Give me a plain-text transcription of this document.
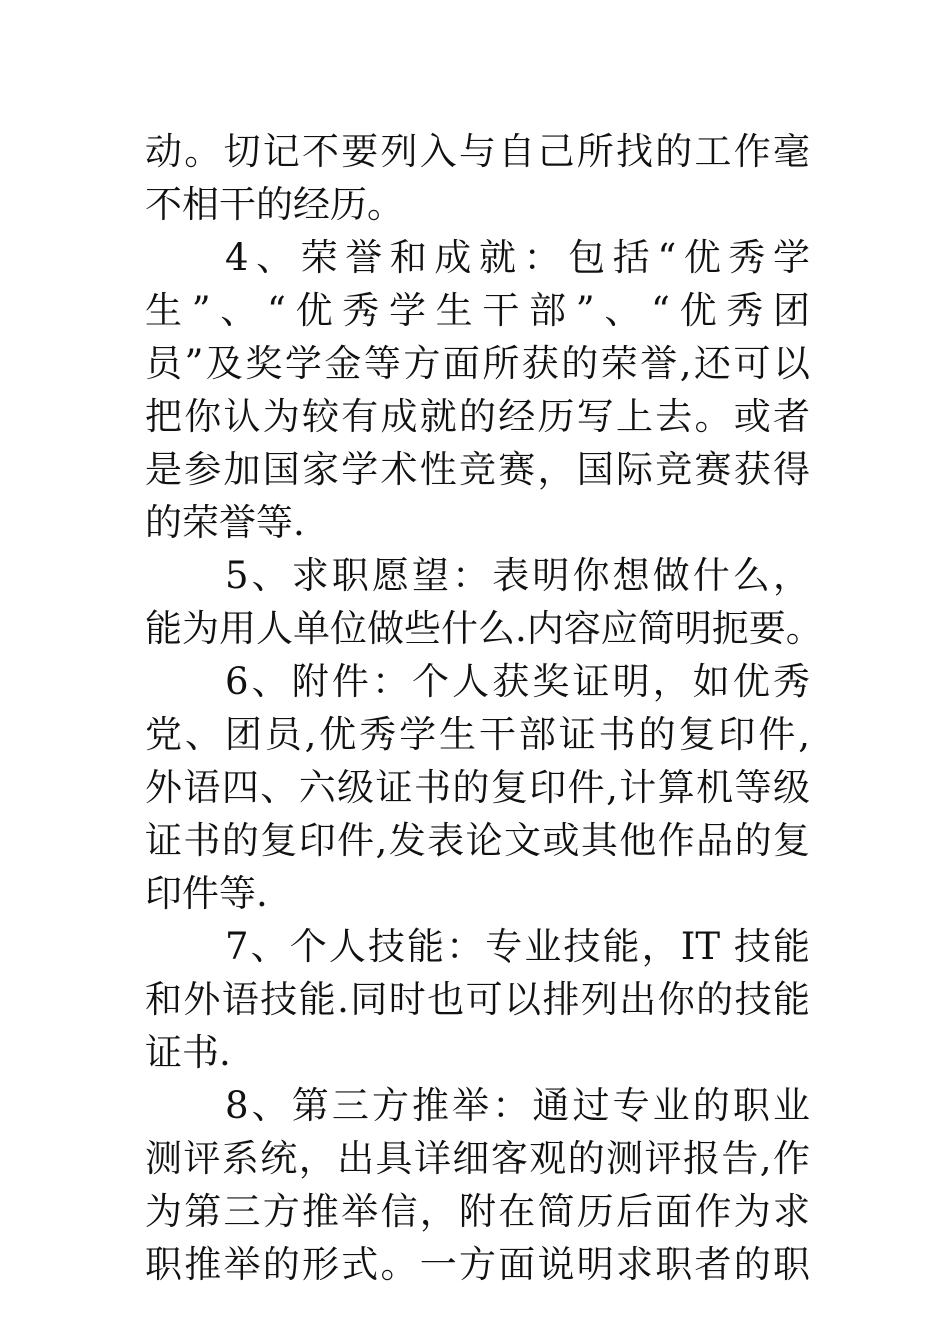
动。切记不要列入与自己所找的工作毫
不相干的经历。
4、荣誉和成就：包括“优秀学
生”、“优秀学生干部”、“优秀团
员”及奖学金等方面所获的荣誉,还可以
把你认为较有成就的经历写上去。或者
是参加国家学术性竞赛，国际竞赛获得
的荣誉等.
5、求职愿望：表明你想做什么，
能为用人单位做些什么.内容应简明扼要。
6、附件：个人获奖证明，如优秀
党、团员,优秀学生干部证书的复印件,
外语四、六级证书的复印件,计算机等级
证书的复印件,发表论文或其他作品的复
印件等.
7、个人技能：专业技能，IT 技能
和外语技能.同时也可以排列出你的技能
证书.
8、第三方推举：通过专业的职业
测评系统，出具详细客观的测评报告,作
为第三方推举信，附在简历后面作为求
职推举的形式。一方面说明求职者的职
